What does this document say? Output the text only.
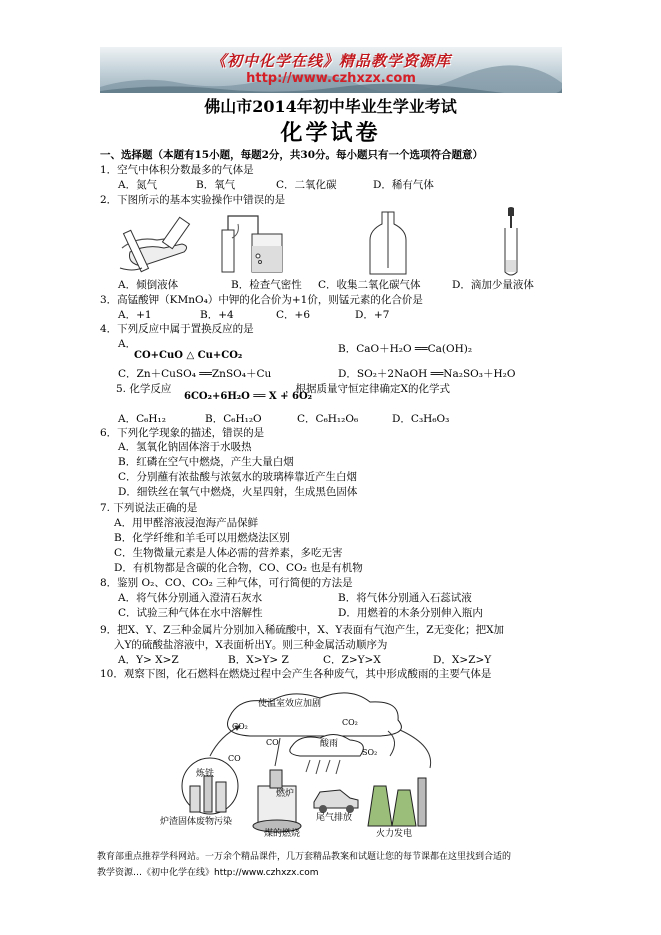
《初中化学在线》精品教学资源库
http://www.czhxzx.com
佛山市2014年初中毕业生学业考试
化学试卷
一、选择题（本题有15小题，每题2分，共30分。每小题只有一个选项符合题意）
1．空气中体积分数最多的气体是
A．氮气	B．氧气	C．二氧化碳	D．稀有气体
2．下图所示的基本实验操作中错误的是
A．倾倒液体	B．检查气密性 C．收集二氧化碳气体	D．滴加少量液体
3．高锰酸钾（KMnO₄）中钾的化合价为+1价，则锰元素的化合价是
A．+1	B．+4	C．+6	D．+7
4．下列反应中属于置换反应的是
A．
CO+CuO △ Cu+CO₂
B．CaO＋H₂O ══Ca(OH)₂
C．Zn＋CuSO₄ ══ZnSO₄＋Cu	D．SO₂＋2NaOH ══Na₂SO₃＋H₂O
5. 化学反应
6CO₂+6H₂O ══ X + 6O₂
，根据质量守恒定律确定X的化学式
A．C₆H₁₂	B．C₆H₁₂O	C．C₆H₁₂O₆	D．C₃H₆O₃
6．下列化学现象的描述，错误的是
A．氢氧化钠固体溶于水吸热
B．红磷在空气中燃烧，产生大量白烟
C．分别蘸有浓盐酸与浓氨水的玻璃棒靠近产生白烟
D．细铁丝在氧气中燃烧，火星四射，生成黑色固体
7. 下列说法正确的是
A．用甲醛溶液浸泡海产品保鲜
B．化学纤维和羊毛可以用燃烧法区别
C．生物微量元素是人体必需的营养素，多吃无害
D．有机物都是含碳的化合物，CO、CO₂ 也是有机物
8．鉴别 O₂、CO、CO₂ 三种气体，可行简便的方法是
A．将气体分别通入澄清石灰水	B．将气体分别通入石蕊试液
C．试验三种气体在水中溶解性	D．用燃着的木条分别伸入瓶内
9．把X、Y、Z三种金属片分别加入稀硫酸中，X、Y表面有气泡产生，Z无变化；把X加
入Y的硫酸盐溶液中，X表面析出Y。则三种金属活动顺序为
A．Y> X>Z	B．X>Y> Z	C．Z>Y>X	D．X>Z>Y
10．观察下图，化石燃料在燃烧过程中会产生各种废气，其中形成酸雨的主要气体是
使温室效应加剧
酸雨
CO₂	CO₂
CO
CO
SO₂
炼铁
燃炉
炉渣固体废物污染
煤的燃烧
尾气排放
火力发电
教育部重点推荐学科网站。一万余个精品课件，几万套精品教案和试题让您的每节课都在这里找到合适的
教学资源…《初中化学在线》http://www.czhxzx.com
